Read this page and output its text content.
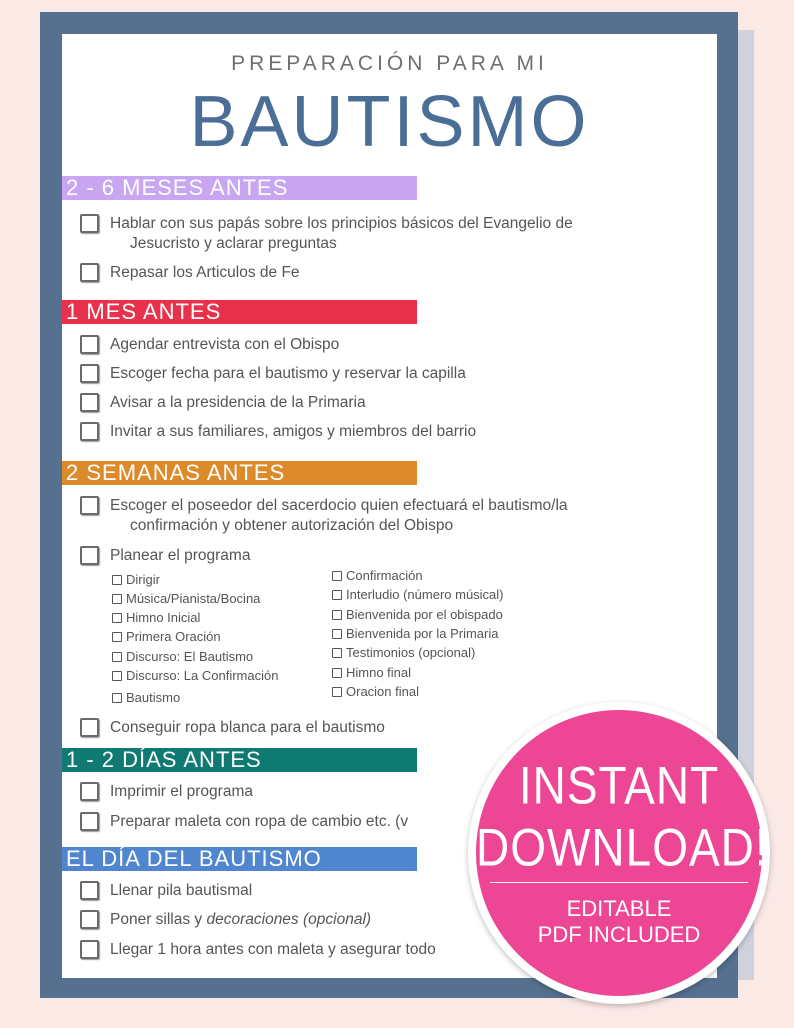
PREPARACIÓN PARA MI
BAUTISMO
2 - 6 MESES ANTES
Hablar con sus papás sobre los principios básicos del Evangelio de
Jesucristo y aclarar preguntas
Repasar los Articulos de Fe
1 MES ANTES
Agendar entrevista con el Obispo
Escoger fecha para el bautismo y reservar la capilla
Avisar a la presidencia de la Primaria
Invitar a sus familiares, amigos y miembros del barrio
2 SEMANAS ANTES
Escoger el poseedor del sacerdocio quien efectuará el bautismo/la
confirmación y obtener autorización del Obispo
Planear el programa
Dirigir
Música/Pianista/Bocina
Himno Inicial
Primera Oración
Discurso: El Bautismo
Discurso: La Confirmación
Bautismo
Confirmación
Interludio (número músical)
Bienvenida por el obispado
Bienvenida por la Primaria
Testimonios (opcional)
Himno final
Oracion final
Conseguir ropa blanca para el bautismo
1 - 2 DÍAS ANTES
Imprimir el programa
Preparar maleta con ropa de cambio etc. (v
EL DÍA DEL BAUTISMO
Llenar pila bautismal
Poner sillas y decoraciones (opcional)
Llegar 1 hora antes con maleta y asegurar todo
INSTANT
DOWNLOAD!
EDITABLE
PDF INCLUDED
